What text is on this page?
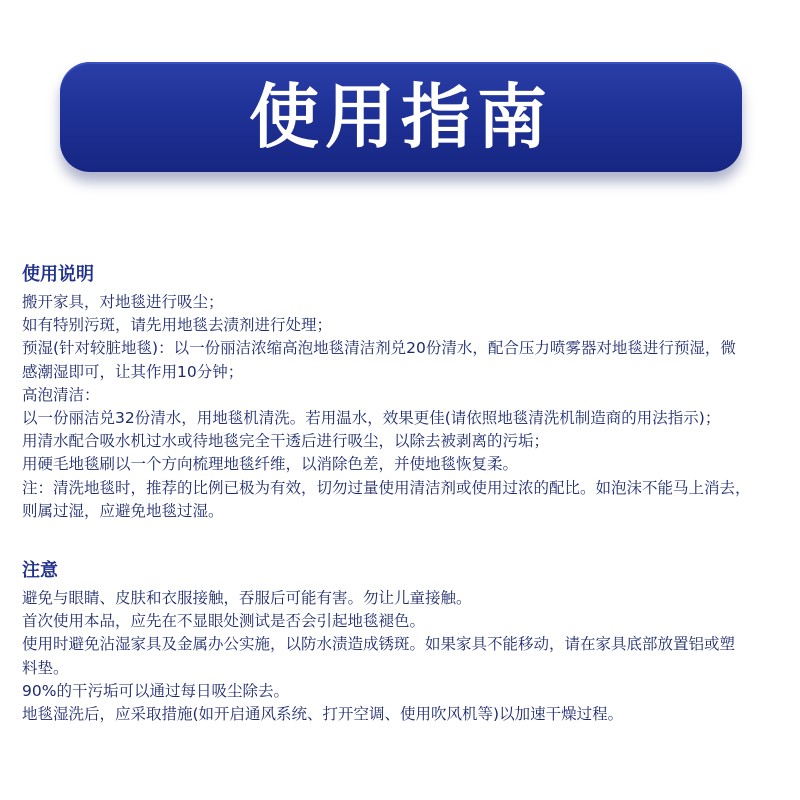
使用指南
使用说明

搬开家具，对地毯进行吸尘；

如有特别污斑，请先用地毯去渍剂进行处理；

预湿(针对较脏地毯)：以一份丽洁浓缩高泡地毯清洁剂兑20份清水，配合压力喷雾器对地毯进行预湿，微

感潮湿即可，让其作用10分钟；

高泡清洁：

以一份丽洁兑32份清水，用地毯机清洗。若用温水，效果更佳(请依照地毯清洗机制造商的用法指示)；

用清水配合吸水机过水或待地毯完全干透后进行吸尘，以除去被剥离的污垢；

用硬毛地毯刷以一个方向梳理地毯纤维，以消除色差，并使地毯恢复柔。

注：清洗地毯时，推荐的比例已极为有效，切勿过量使用清洁剂或使用过浓的配比。如泡沫不能马上消去，

则属过湿，应避免地毯过湿。

注意

避免与眼睛、皮肤和衣服接触，吞服后可能有害。勿让儿童接触。

首次使用本品，应先在不显眼处测试是否会引起地毯褪色。

使用时避免沾湿家具及金属办公实施，以防水渍造成锈斑。如果家具不能移动，请在家具底部放置铝或塑

料垫。

90%的干污垢可以通过每日吸尘除去。

地毯湿洗后，应采取措施(如开启通风系统、打开空调、使用吹风机等)以加速干燥过程。
